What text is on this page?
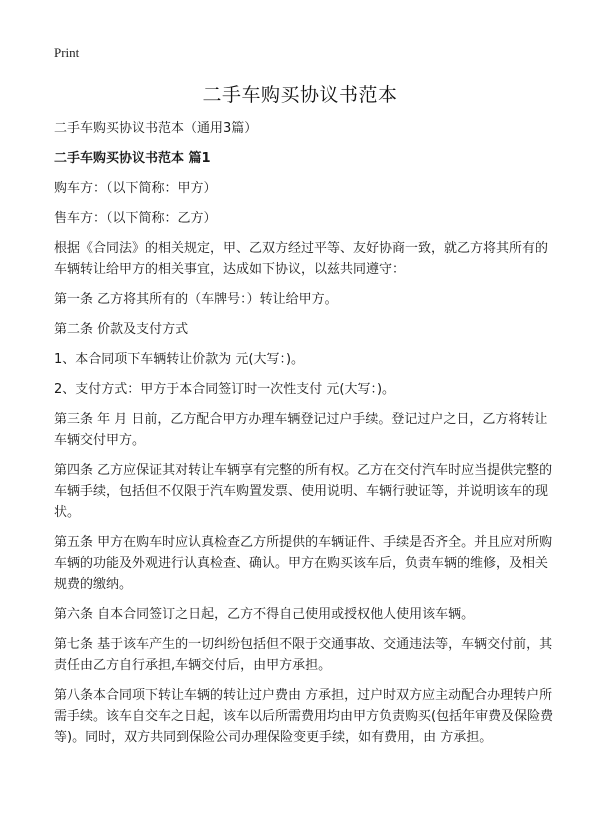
Print
二手车购买协议书范本

二手车购买协议书范本（通用3篇）

二手车购买协议书范本 篇1

购车方：（以下简称：甲方）

售车方：（以下简称：乙方）

根据《合同法》的相关规定，甲、乙双方经过平等、友好协商一致，就乙方将其所有的车辆转让给甲方的相关事宜，达成如下协议，以兹共同遵守：

第一条 乙方将其所有的（车牌号：）转让给甲方。

第二条 价款及支付方式

1、本合同项下车辆转让价款为 元(大写：)。

2、支付方式：甲方于本合同签订时一次性支付 元(大写：)。

第三条 年 月 日前，乙方配合甲方办理车辆登记过户手续。登记过户之日，乙方将转让车辆交付甲方。

第四条 乙方应保证其对转让车辆享有完整的所有权。乙方在交付汽车时应当提供完整的车辆手续，包括但不仅限于汽车购置发票、使用说明、车辆行驶证等，并说明该车的现状。

第五条 甲方在购车时应认真检查乙方所提供的车辆证件、手续是否齐全。并且应对所购车辆的功能及外观进行认真检查、确认。甲方在购买该车后，负责车辆的维修，及相关规费的缴纳。

第六条 自本合同签订之日起，乙方不得自己使用或授权他人使用该车辆。

第七条 基于该车产生的一切纠纷包括但不限于交通事故、交通违法等，车辆交付前，其责任由乙方自行承担,车辆交付后，由甲方承担。

第八条本合同项下转让车辆的转让过户费由 方承担，过户时双方应主动配合办理转户所需手续。该车自交车之日起，该车以后所需费用均由甲方负责购买(包括年审费及保险费等)。同时，双方共同到保险公司办理保险变更手续，如有费用，由 方承担。
